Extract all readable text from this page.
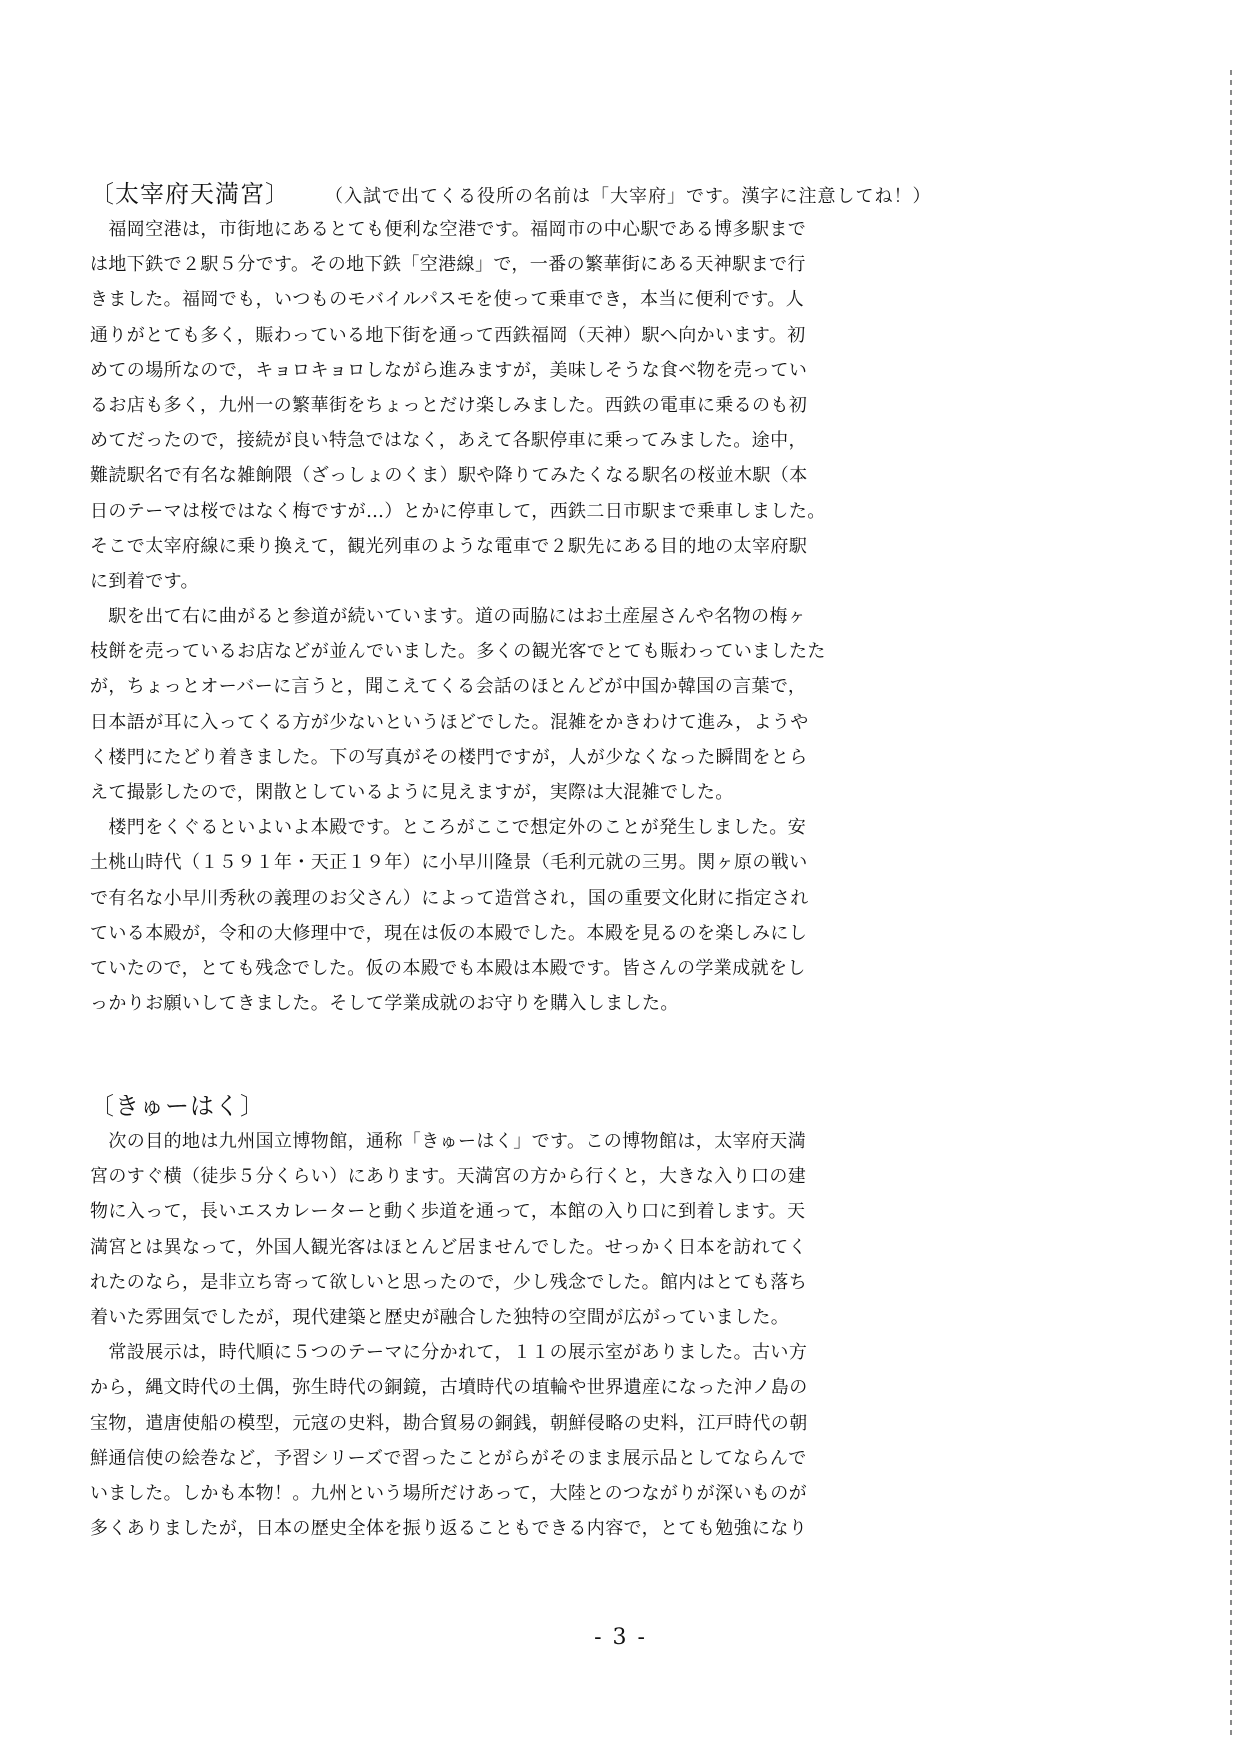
〔太宰府天満宮〕 （入試で出てくる役所の名前は「大宰府」です。漢字に注意してね！）
　福岡空港は，市街地にあるとても便利な空港です。福岡市の中心駅である博多駅まで
は地下鉄で２駅５分です。その地下鉄「空港線」で，一番の繁華街にある天神駅まで行
きました。福岡でも，いつものモバイルパスモを使って乗車でき，本当に便利です。人
通りがとても多く，賑わっている地下街を通って西鉄福岡（天神）駅へ向かいます。初
めての場所なので，キョロキョロしながら進みますが，美味しそうな食べ物を売ってい
るお店も多く，九州一の繁華街をちょっとだけ楽しみました。西鉄の電車に乗るのも初
めてだったので，接続が良い特急ではなく，あえて各駅停車に乗ってみました。途中，
難読駅名で有名な雑餉隈（ざっしょのくま）駅や降りてみたくなる駅名の桜並木駅（本
日のテーマは桜ではなく梅ですが…）とかに停車して，西鉄二日市駅まで乗車しました。
そこで太宰府線に乗り換えて，観光列車のような電車で２駅先にある目的地の太宰府駅
に到着です。
　駅を出て右に曲がると参道が続いています。道の両脇にはお土産屋さんや名物の梅ヶ
枝餅を売っているお店などが並んでいました。多くの観光客でとても賑わっていましたた
が，ちょっとオーバーに言うと，聞こえてくる会話のほとんどが中国か韓国の言葉で，
日本語が耳に入ってくる方が少ないというほどでした。混雑をかきわけて進み，ようや
く楼門にたどり着きました。下の写真がその楼門ですが，人が少なくなった瞬間をとら
えて撮影したので，閑散としているように見えますが，実際は大混雑でした。
　楼門をくぐるといよいよ本殿です。ところがここで想定外のことが発生しました。安
土桃山時代（１５９１年・天正１９年）に小早川隆景（毛利元就の三男。関ヶ原の戦い
で有名な小早川秀秋の義理のお父さん）によって造営され，国の重要文化財に指定され
ている本殿が，令和の大修理中で，現在は仮の本殿でした。本殿を見るのを楽しみにし
ていたので，とても残念でした。仮の本殿でも本殿は本殿です。皆さんの学業成就をし
っかりお願いしてきました。そして学業成就のお守りを購入しました。
〔きゅーはく〕
　次の目的地は九州国立博物館，通称「きゅーはく」です。この博物館は，太宰府天満
宮のすぐ横（徒歩５分くらい）にあります。天満宮の方から行くと，大きな入り口の建
物に入って，長いエスカレーターと動く歩道を通って，本館の入り口に到着します。天
満宮とは異なって，外国人観光客はほとんど居ませんでした。せっかく日本を訪れてく
れたのなら，是非立ち寄って欲しいと思ったので，少し残念でした。館内はとても落ち
着いた雰囲気でしたが，現代建築と歴史が融合した独特の空間が広がっていました。
　常設展示は，時代順に５つのテーマに分かれて，１１の展示室がありました。古い方
から，縄文時代の土偶，弥生時代の銅鏡，古墳時代の埴輪や世界遺産になった沖ノ島の
宝物，遣唐使船の模型，元寇の史料，勘合貿易の銅銭，朝鮮侵略の史料，江戸時代の朝
鮮通信使の絵巻など，予習シリーズで習ったことがらがそのまま展示品としてならんで
いました。しかも本物！。九州という場所だけあって，大陸とのつながりが深いものが
多くありましたが，日本の歴史全体を振り返ることもできる内容で，とても勉強になり
- 3 -
